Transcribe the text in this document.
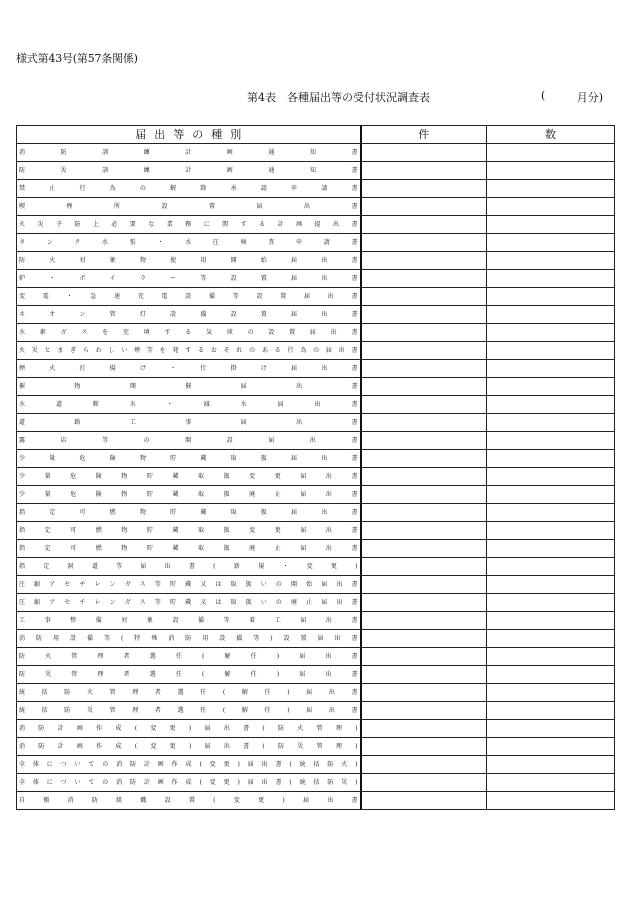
様式第43号(第57条関係)
第4表　各種届出等の受付状況調査表	(	月分)
届出等の種別	件	数

消防訓練計画通知書		

防災訓練計画通知書		

禁止行為の解除承認申請書		

喫煙所設置届出書		

火災予防上必要な業務に関する計画提出書		

タンク水張・水圧検査申請書		

防火対象物使用開始届出書		

炉・ボイラー等設置届出書		

変電・急速充電設備等設置届出書		

ネオン管灯設備設置届出書		

水素ガスを充填する気球の設置届出書		

火災とまぎらわしい煙等を発するおそれのある行為の届出書		

煙火打揚げ・仕掛け届出書		

催物開催届出書		

水道断水・減水届出書		

道路工事届出書		

露店等の開設届出書		

少量危険物貯蔵取扱届出書		

少量危険物貯蔵取扱変更届出書		

少量危険物貯蔵取扱廃止届出書		

指定可燃物貯蔵取扱届出書		

指定可燃物貯蔵取扱変更届出書		

指定可燃物貯蔵取扱廃止届出書		

指定洞道等届出書(新規・変更)		

圧縮アセチレンガス等貯蔵又は取扱いの開始届出書		

圧縮アセチレンガス等貯蔵又は取扱いの廃止届出書		

工事整備対象設備等着工届出書		

消防用設備等(特殊消防用設備等)設置届出書		

防火管理者選任(解任)届出書		

防災管理者選任(解任)届出書		

統括防火管理者選任(解任)届出書		

統括防災管理者選任(解任)届出書		

消防計画作成(変更)届出書(防火管理)		

消防計画作成(変更)届出書(防災管理)		

全体についての消防計画作成(変更)届出書(統括防火)		

全体についての消防計画作成(変更)届出書(統括防災)		

自衛消防組織設置(変更)届出書		
